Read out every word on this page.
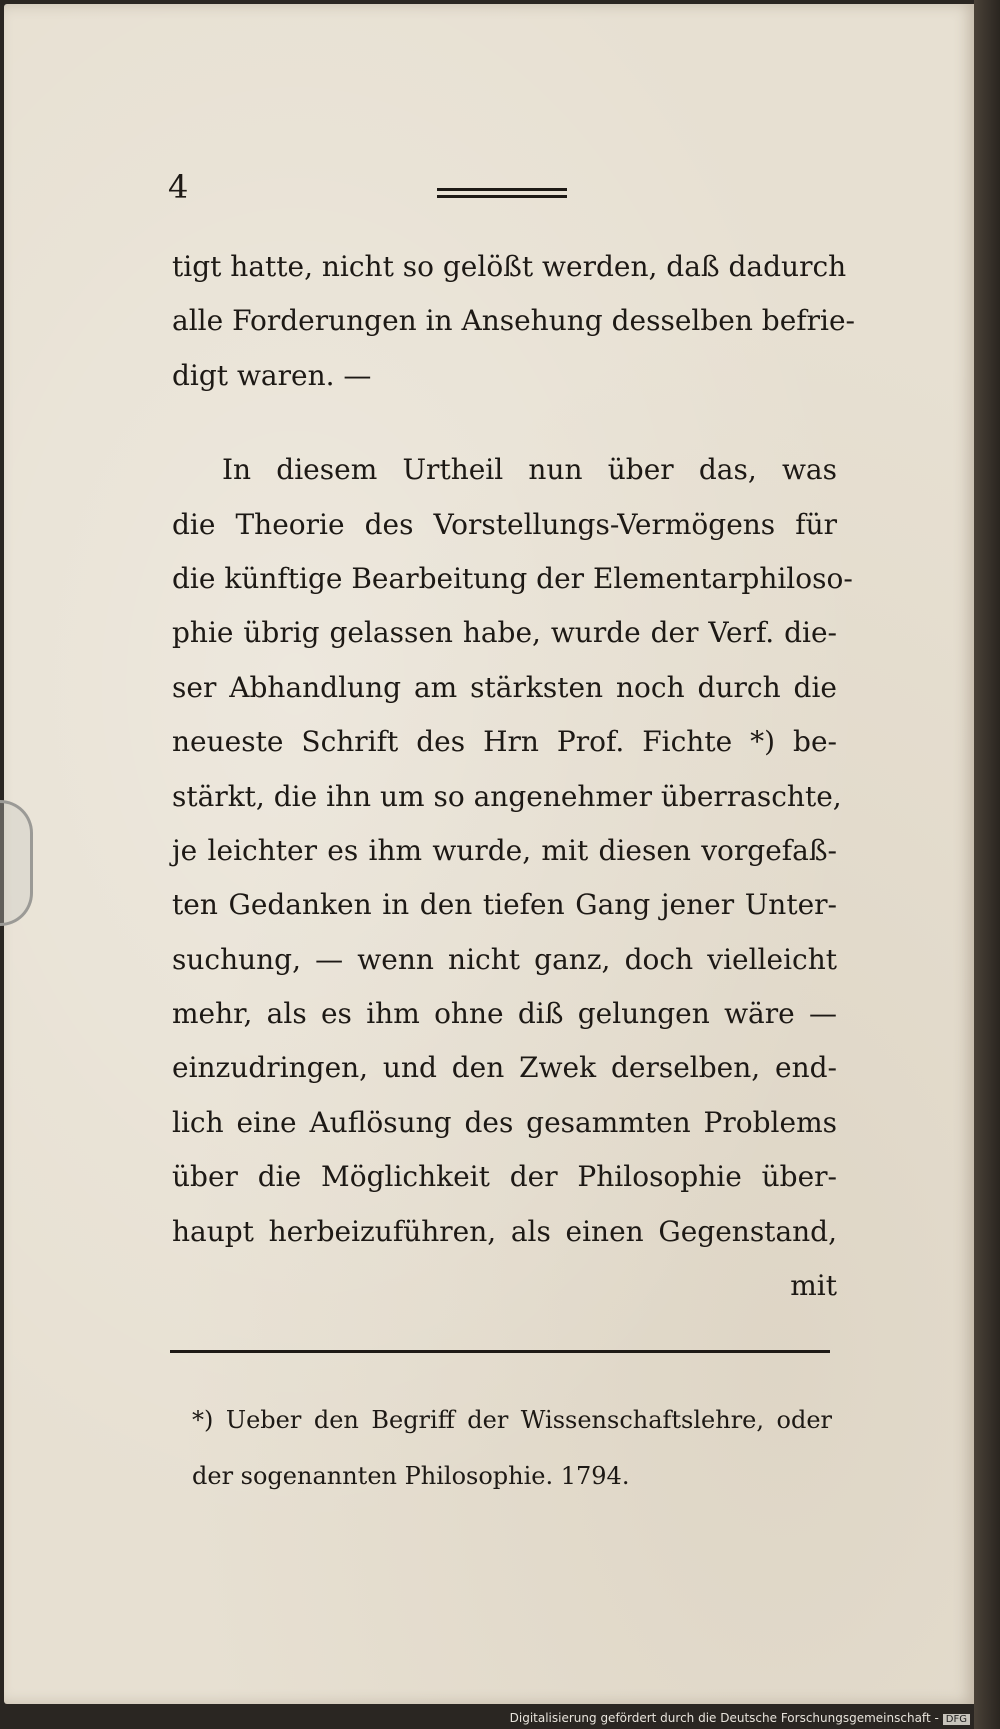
4
tigt hatte, nicht so gelößt werden, daß dadurch
alle Forderungen in Ansehung desselben befrie-
digt waren. —
In diesem Urtheil nun über das, was
die Theorie des Vorstellungs-Vermögens für
die künftige Bearbeitung der Elementarphiloso-
phie übrig gelassen habe, wurde der Verf. die-
ser Abhandlung am stärksten noch durch die
neueste Schrift des Hrn Prof. Fichte *) be-
stärkt, die ihn um so angenehmer überraschte,
je leichter es ihm wurde, mit diesen vorgefaß-
ten Gedanken in den tiefen Gang jener Unter-
suchung, — wenn nicht ganz, doch vielleicht
mehr, als es ihm ohne diß gelungen wäre —
einzudringen, und den Zwek derselben, end-
lich eine Auflösung des gesammten Problems
über die Möglichkeit der Philosophie über-
haupt herbeizuführen, als einen Gegenstand,
mit
*) Ueber den Begriff der Wissenschaftslehre, oder
der sogenannten Philosophie. 1794.
Digitalisierung gefördert durch die Deutsche Forschungsgemeinschaft - DFG
